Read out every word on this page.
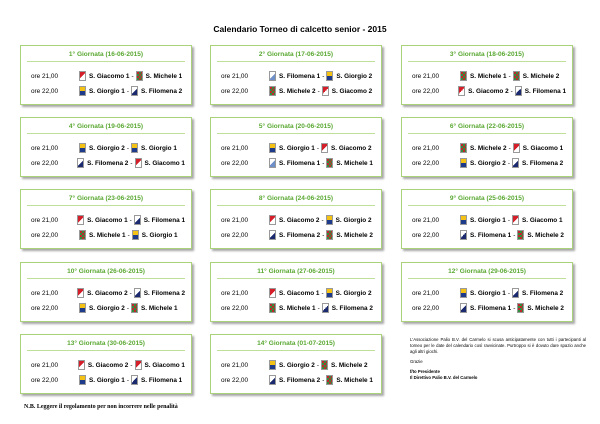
Calendario Torneo di calcetto senior - 2015
1° Giornata (16-06-2015)
ore 21,00	S. Giacomo 1 - S. Michele 1
ore 22,00	S. Giorgio 1 - S. Filomena 2
2° Giornata (17-06-2015)
ore 21,00	S. Filomena 1 - S. Giorgio 2
ore 22,00	S. Michele 2 - S. Giacomo 2
3° Giornata (18-06-2015)
ore 21,00	S. Michele 1 - S. Michele 2
ore 22,00	S. Giacomo 2 - S. Filomena 1
4° Giornata (19-06-2015)
ore 21,00	S. Giorgio 2 - S. Giorgio 1
ore 22,00	S. Filomena 2 - S. Giacomo 1
5° Giornata (20-06-2015)
ore 21,00	S. Giorgio 1 - S. Giacomo 2
ore 22,00	S. Filomena 1 - S. Michele 1
6° Giornata (22-06-2015)
ore 21,00	S. Michele 2 - S. Giacomo 1
ore 22,00	S. Giorgio 2 - S. Filomena 2
7° Giornata (23-06-2015)
ore 21,00	S. Giacomo 1 - S. Filomena 1
ore 22,00	S. Michele 1 - S. Giorgio 1
8° Giornata (24-06-2015)
ore 21,00	S. Giacomo 2 - S. Giorgio 2
ore 22,00	S. Filomena 2 - S. Michele 2
9° Giornata (25-06-2015)
ore 21,00	S. Giorgio 1 - S. Giacomo 1
ore 22,00	S. Filomena 1 - S. Michele 2
10° Giornata (26-06-2015)
ore 21,00	S. Giacomo 2 - S. Filomena 2
ore 22,00	S. Giorgio 2 - S. Michele 1
11° Giornata (27-06-2015)
ore 21,00	S. Giacomo 1 - S. Giorgio 2
ore 22,00	S. Michele 1 - S. Filomena 2
12° Giornata (29-06-2015)
ore 21,00	S. Giorgio 1 - S. Filomena 2
ore 22,00	S. Filomena 1 - S. Michele 2
13° Giornata (30-06-2015)
ore 21,00	S. Giacomo 2 - S. Giacomo 1
ore 22,00	S. Giorgio 1 - S. Filomena 1
14° Giornata (01-07-2015)
ore 21,00	S. Giorgio 2 - S. Michele 2
ore 22,00	S. Filomena 2 - S. Michele 1
N.B. Leggere il regolamento per non incorrere nelle penalità

L'Associazione Palio B.V. del Carmelo si scusa anticipatamente con tutti i partecipanti al torneo per le date del calendario così ravvicinate. Purtroppo si è dovuto dare spazio anche agli altri giochi.

Grazie

f/to Presidente
Il Direttivo Palio B.V. del Carmelo
